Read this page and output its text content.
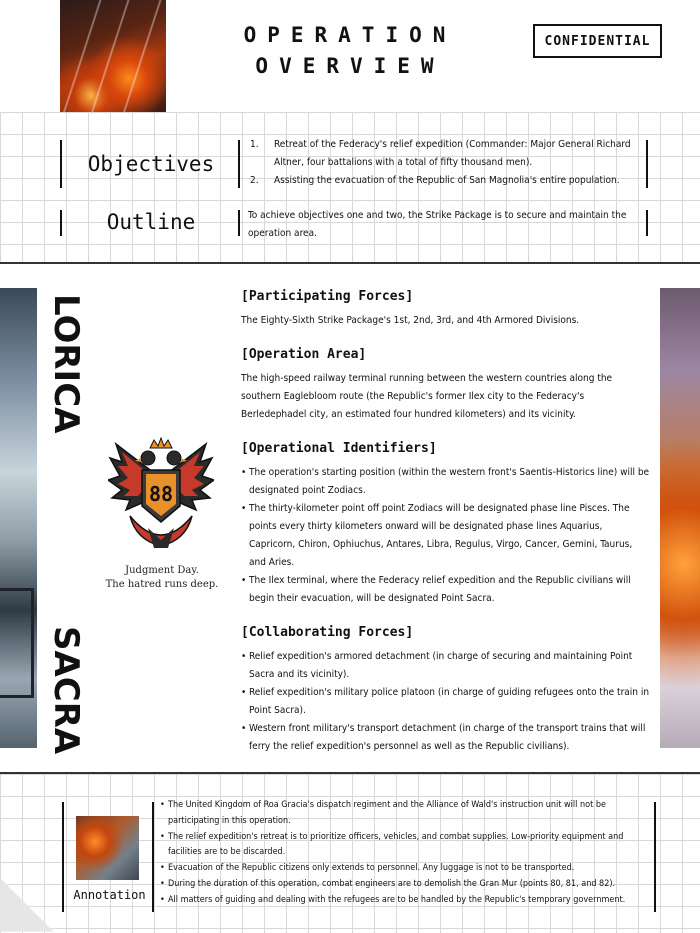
OPERATION
OVERVIEW
CONFIDENTIAL
Objectives
1.	Retreat of the Federacy's relief expedition (Commander: Major General Richard Altner, four battalions with a total of fifty thousand men).
2.	Assisting the evacuation of the Republic of San Magnolia's entire population.
Outline	To achieve objectives one and two, the Strike Package is to secure and maintain the operation area.
LORICA
SACRA
88
Judgment Day.
The hatred runs deep.
[Participating Forces]
The Eighty-Sixth Strike Package's 1st, 2nd, 3rd, and 4th Armored Divisions.
[Operation Area]
The high-speed railway terminal running between the western countries along the southern Eaglebloom route (the Republic's former Ilex city to the Federacy's Berledephadel city, an estimated four hundred kilometers) and its vicinity.
[Operational Identifiers]
• The operation's starting position (within the western front's Saentis-Historics line) will be designated point Zodiacs.
• The thirty-kilometer point off point Zodiacs will be designated phase line Pisces. The points every thirty kilometers onward will be designated phase lines Aquarius, Capricorn, Chiron, Ophiuchus, Antares, Libra, Regulus, Virgo, Cancer, Gemini, Taurus, and Aries.
• The Ilex terminal, where the Federacy relief expedition and the Republic civilians will begin their evacuation, will be designated Point Sacra.
[Collaborating Forces]
• Relief expedition's armored detachment (in charge of securing and maintaining Point Sacra and its vicinity).
• Relief expedition's military police platoon (in charge of guiding refugees onto the train in Point Sacra).
• Western front military's transport detachment (in charge of the transport trains that will ferry the relief expedition's personnel as well as the Republic civilians).
◣	Annotation
• The United Kingdom of Roa Gracia's dispatch regiment and the Alliance of Wald's instruction unit will not be participating in this operation.
• The relief expedition's retreat is to prioritize officers, vehicles, and combat supplies. Low-priority equipment and facilities are to be discarded.
• Evacuation of the Republic citizens only extends to personnel. Any luggage is not to be transported.
• During the duration of this operation, combat engineers are to demolish the Gran Mur (points 80, 81, and 82).
• All matters of guiding and dealing with the refugees are to be handled by the Republic's temporary government.
